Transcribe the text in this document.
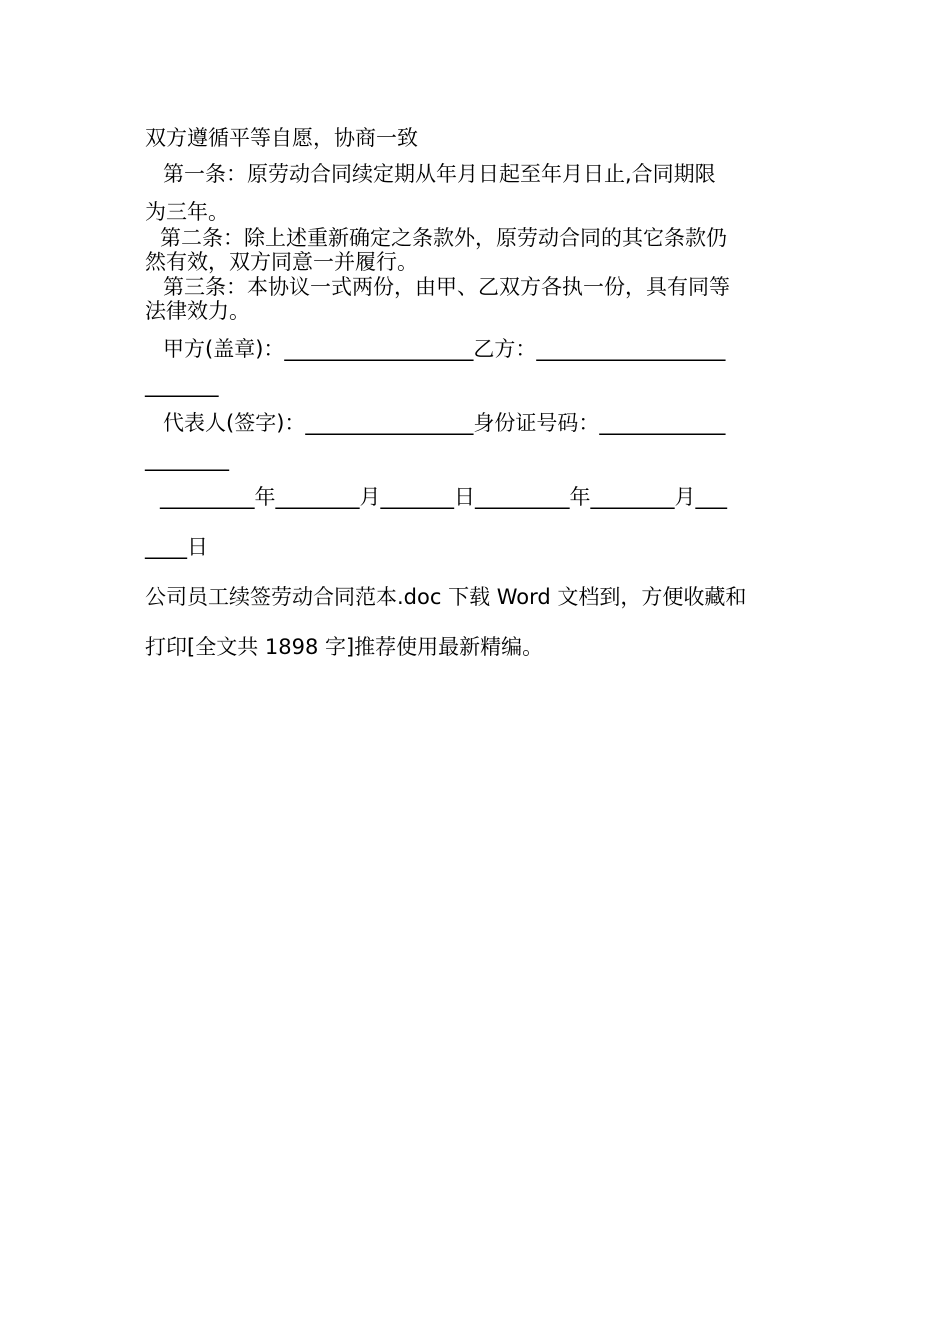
双方遵循平等自愿，协商一致
第一条：原劳动合同续定期从年月日起至年月日止,合同期限
为三年。
第二条：除上述重新确定之条款外，原劳动合同的其它条款仍
然有效，双方同意一并履行。
第三条：本协议一式两份，由甲、乙双方各执一份，具有同等
法律效力。
甲方(盖章)：__________________乙方：__________________
_______
代表人(签字)：________________身份证号码：____________
________
_________年________月_______日_________年________月___
____日
公司员工续签劳动合同范本.doc 下载 Word 文档到，方便收藏和
打印[全文共 1898 字]推荐使用最新精编。
